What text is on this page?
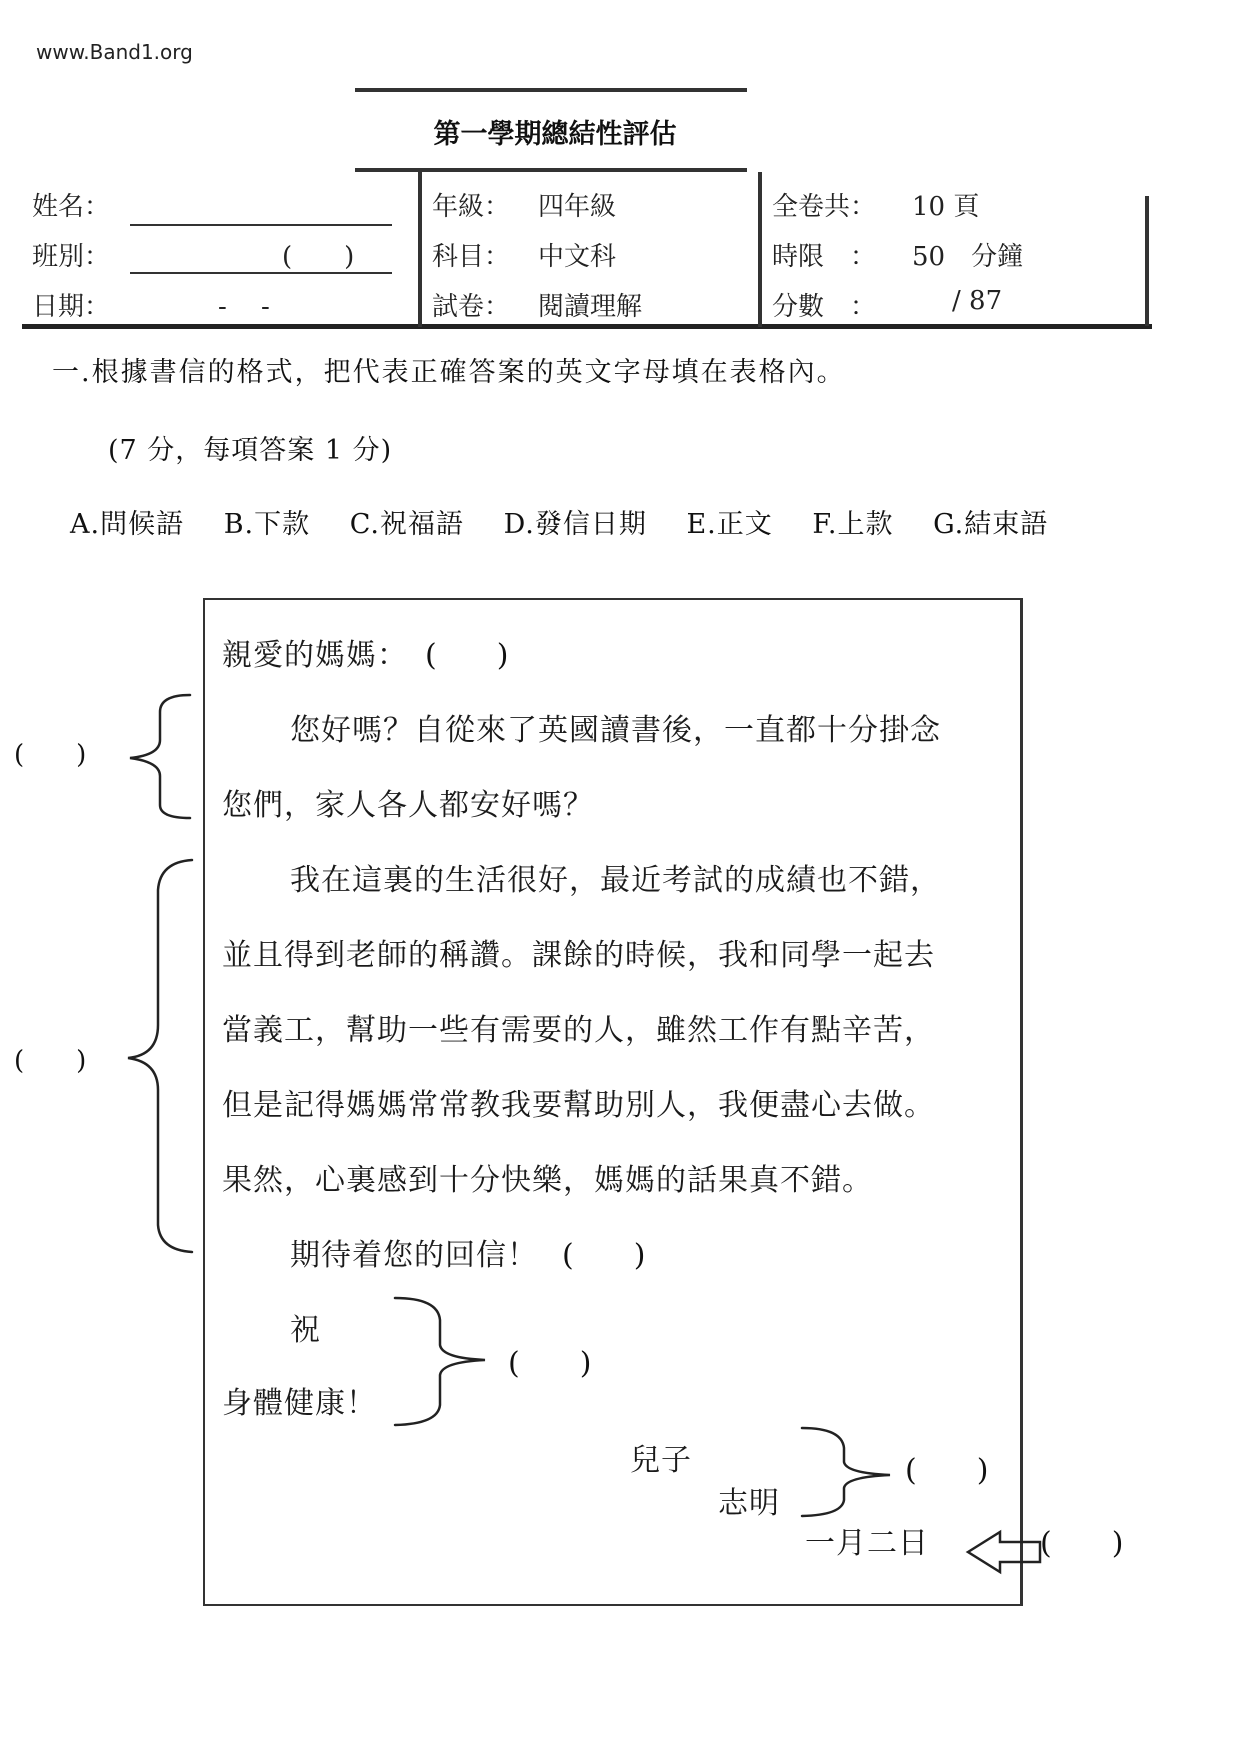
www.Band1.org
第一學期總結性評估
姓名：
班別：	(　　)
日期：	-　 -
年級： 四年級
科目： 中文科
試卷： 閱讀理解
全卷共： 10 頁
時限　： 50　分鐘
分數　：	/ 87
一.根據書信的格式，把代表正確答案的英文字母填在表格內。
(7 分，每項答案 1 分)
A.問候語 B.下款 C.祝福語 D.發信日期 E.正文 F.上款 G.結束語
親愛的媽媽： (　　)
您好嗎？自從來了英國讀書後，一直都十分掛念
您們，家人各人都安好嗎？
我在這裏的生活很好，最近考試的成績也不錯，
並且得到老師的稱讚。課餘的時候，我和同學一起去
當義工，幫助一些有需要的人，雖然工作有點辛苦，
但是記得媽媽常常教我要幫助別人，我便盡心去做。
果然，心裏感到十分快樂，媽媽的話果真不錯。
期待着您的回信！ (　　)
祝
身體健康！
(　　)
兒子
志明
(　　)
一月二日	(　　)
(　　)
(　　)
